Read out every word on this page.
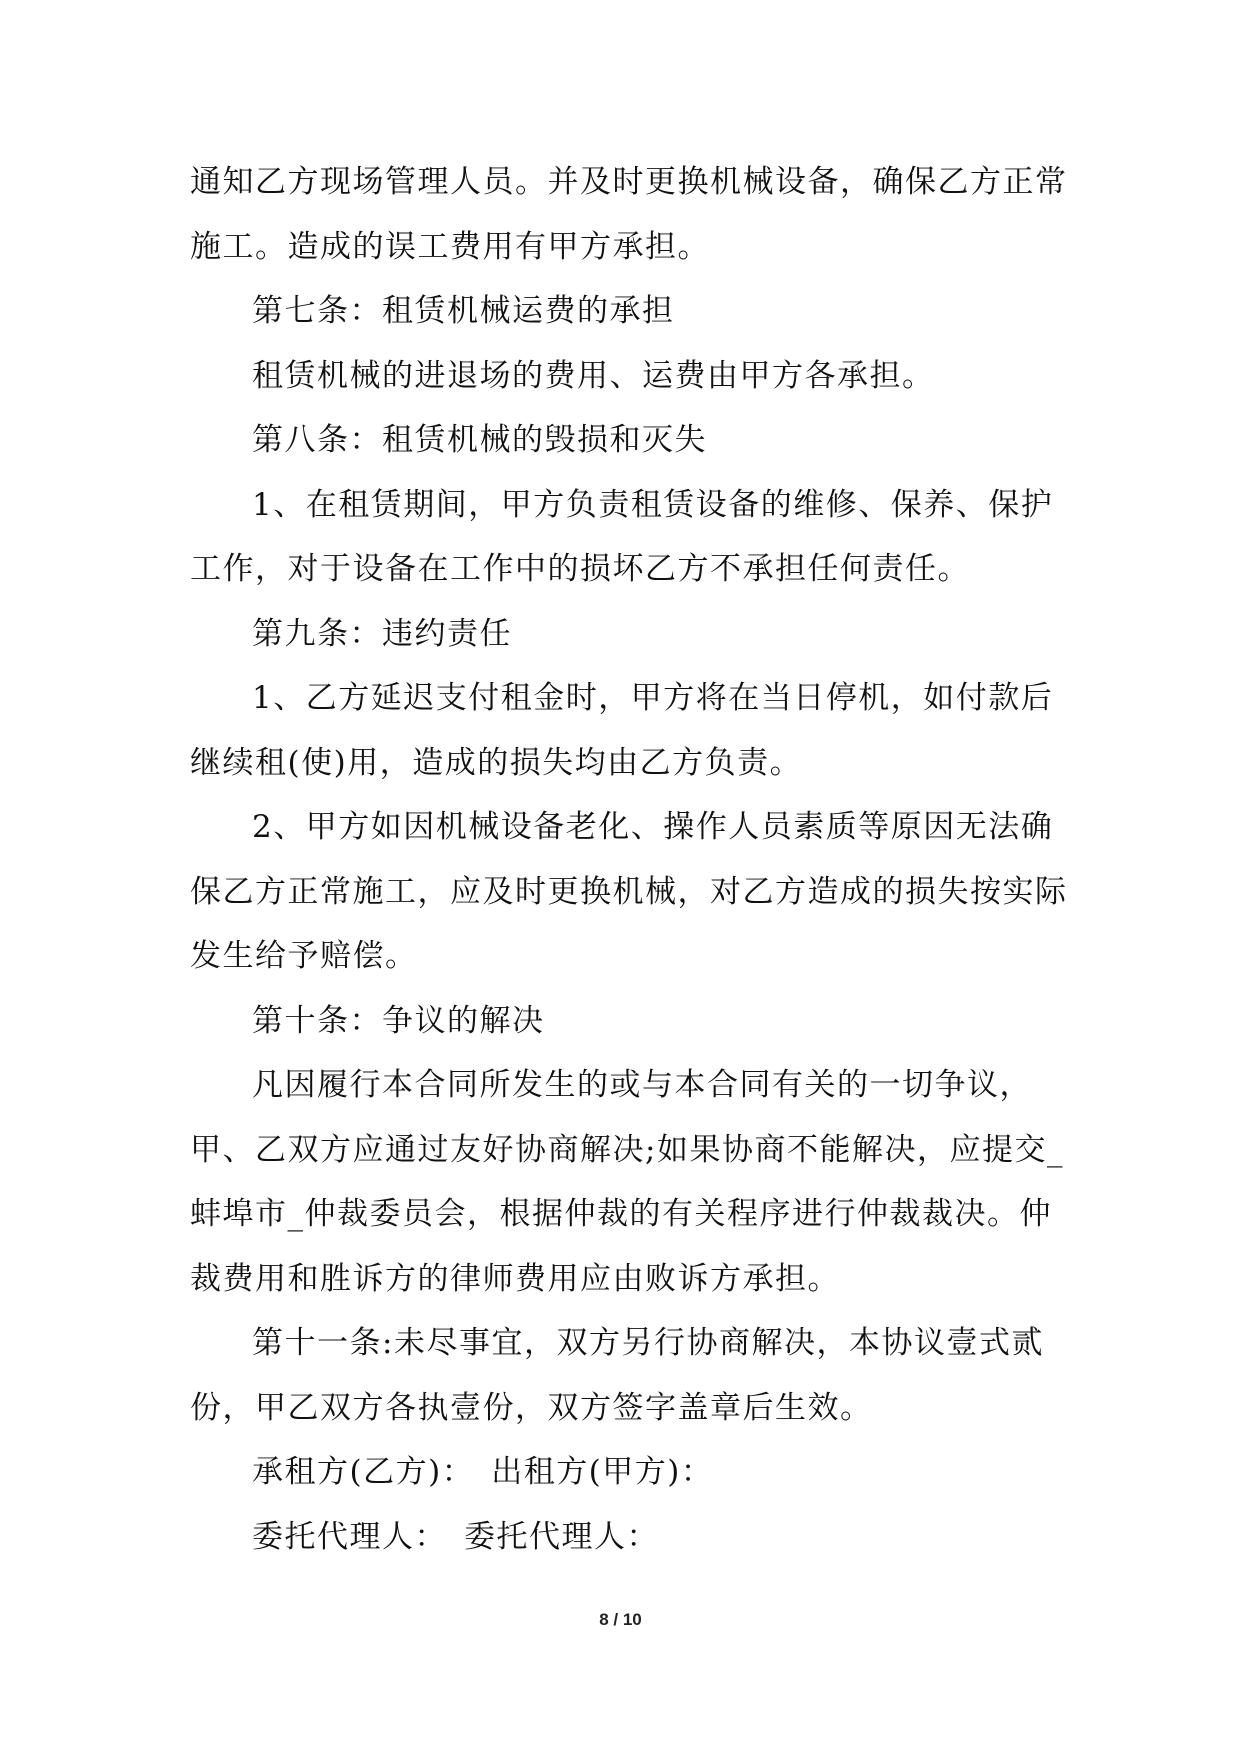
通知乙方现场管理人员。并及时更换机械设备，确保乙方正常施工。造成的误工费用有甲方承担。

第七条：租赁机械运费的承担

租赁机械的进退场的费用、运费由甲方各承担。

第八条：租赁机械的毁损和灭失

1、在租赁期间，甲方负责租赁设备的维修、保养、保护工作，对于设备在工作中的损坏乙方不承担任何责任。

第九条：违约责任

1、乙方延迟支付租金时，甲方将在当日停机，如付款后继续租(使)用，造成的损失均由乙方负责。

2、甲方如因机械设备老化、操作人员素质等原因无法确保乙方正常施工，应及时更换机械，对乙方造成的损失按实际发生给予赔偿。

第十条：争议的解决

凡因履行本合同所发生的或与本合同有关的一切争议，甲、乙双方应通过友好协商解决;如果协商不能解决，应提交_蚌埠市_仲裁委员会，根据仲裁的有关程序进行仲裁裁决。仲裁费用和胜诉方的律师费用应由败诉方承担。

第十一条:未尽事宜，双方另行协商解决，本协议壹式贰份，甲乙双方各执壹份，双方签字盖章后生效。

承租方(乙方)：　出租方(甲方)：

委托代理人：　委托代理人：

8 / 10
